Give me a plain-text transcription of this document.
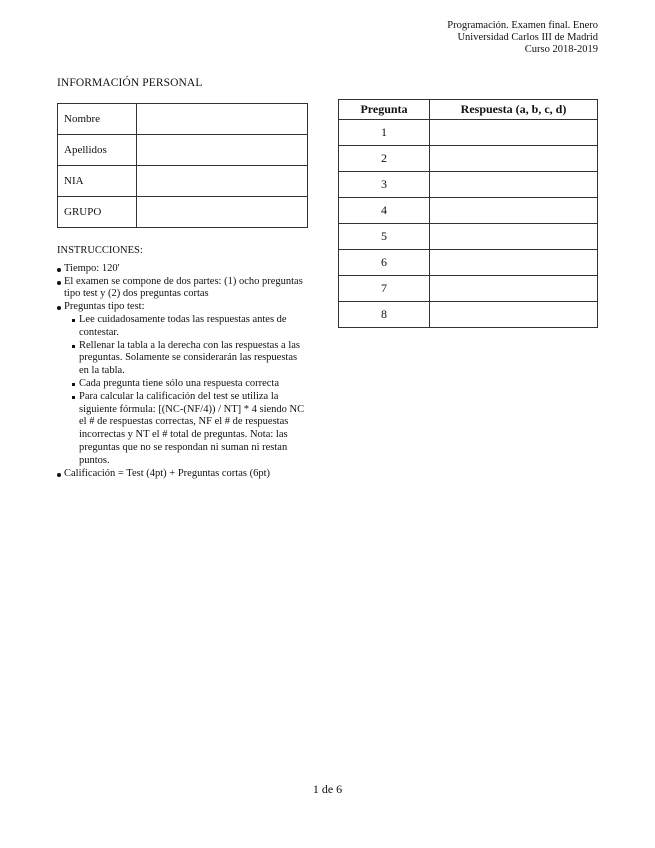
Programación. Examen final. Enero
Universidad Carlos III de Madrid
Curso 2018-2019
INFORMACIÓN PERSONAL
Nombre	
Apellidos	
NIA	
GRUPO	
Pregunta	Respuesta (a, b, c, d)
1	
2	
3	
4	
5	
6	
7	
8	
INSTRUCCIONES:
Tiempo: 120'
El examen se compone de dos partes: (1) ocho preguntas tipo test y (2) dos preguntas cortas
Preguntas tipo test:
Lee cuidadosamente todas las respuestas antes de contestar.
Rellenar la tabla a la derecha con las respuestas a las preguntas. Solamente se considerarán las respuestas en la tabla.
Cada pregunta tiene sólo una respuesta correcta
Para calcular la calificación del test se utiliza la siguiente fórmula: [(NC-(NF/4)) / NT] * 4 siendo NC el # de respuestas correctas, NF el # de respuestas incorrectas y NT el # total de preguntas. Nota: las preguntas que no se respondan ni suman ni restan puntos.
Calificación = Test (4pt) + Preguntas cortas (6pt)
1 de 6
